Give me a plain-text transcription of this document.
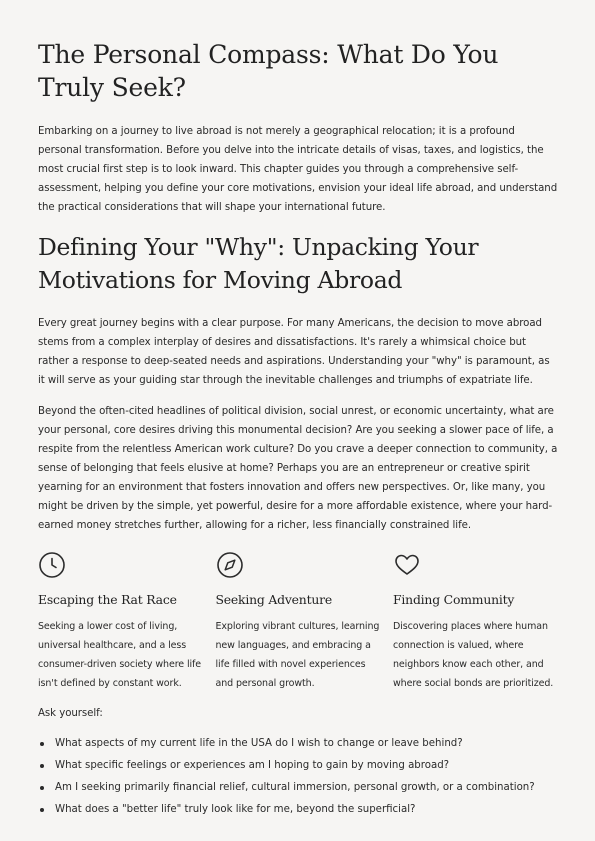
The Personal Compass: What Do You Truly Seek?

Embarking on a journey to live abroad is not merely a geographical relocation; it is a profound personal transformation. Before you delve into the intricate details of visas, taxes, and logistics, the most crucial first step is to look inward. This chapter guides you through a comprehensive self-assessment, helping you define your core motivations, envision your ideal life abroad, and understand the practical considerations that will shape your international future.

Defining Your "Why": Unpacking Your Motivations for Moving Abroad

Every great journey begins with a clear purpose. For many Americans, the decision to move abroad stems from a complex interplay of desires and dissatisfactions. It's rarely a whimsical choice but rather a response to deep-seated needs and aspirations. Understanding your "why" is paramount, as it will serve as your guiding star through the inevitable challenges and triumphs of expatriate life.

Beyond the often-cited headlines of political division, social unrest, or economic uncertainty, what are your personal, core desires driving this monumental decision? Are you seeking a slower pace of life, a respite from the relentless American work culture? Do you crave a deeper connection to community, a sense of belonging that feels elusive at home? Perhaps you are an entrepreneur or creative spirit yearning for an environment that fosters innovation and offers new perspectives. Or, like many, you might be driven by the simple, yet powerful, desire for a more affordable existence, where your hard-earned money stretches further, allowing for a richer, less financially constrained life.

Escaping the Rat Race
Seeking a lower cost of living, universal healthcare, and a less consumer-driven society where life isn't defined by constant work.
Seeking Adventure
Exploring vibrant cultures, learning new languages, and embracing a life filled with novel experiences and personal growth.
Finding Community
Discovering places where human connection is valued, where neighbors know each other, and where social bonds are prioritized.

Ask yourself:

What aspects of my current life in the USA do I wish to change or leave behind?
What specific feelings or experiences am I hoping to gain by moving abroad?
Am I seeking primarily financial relief, cultural immersion, personal growth, or a combination?
What does a "better life" truly look like for me, beyond the superficial?
